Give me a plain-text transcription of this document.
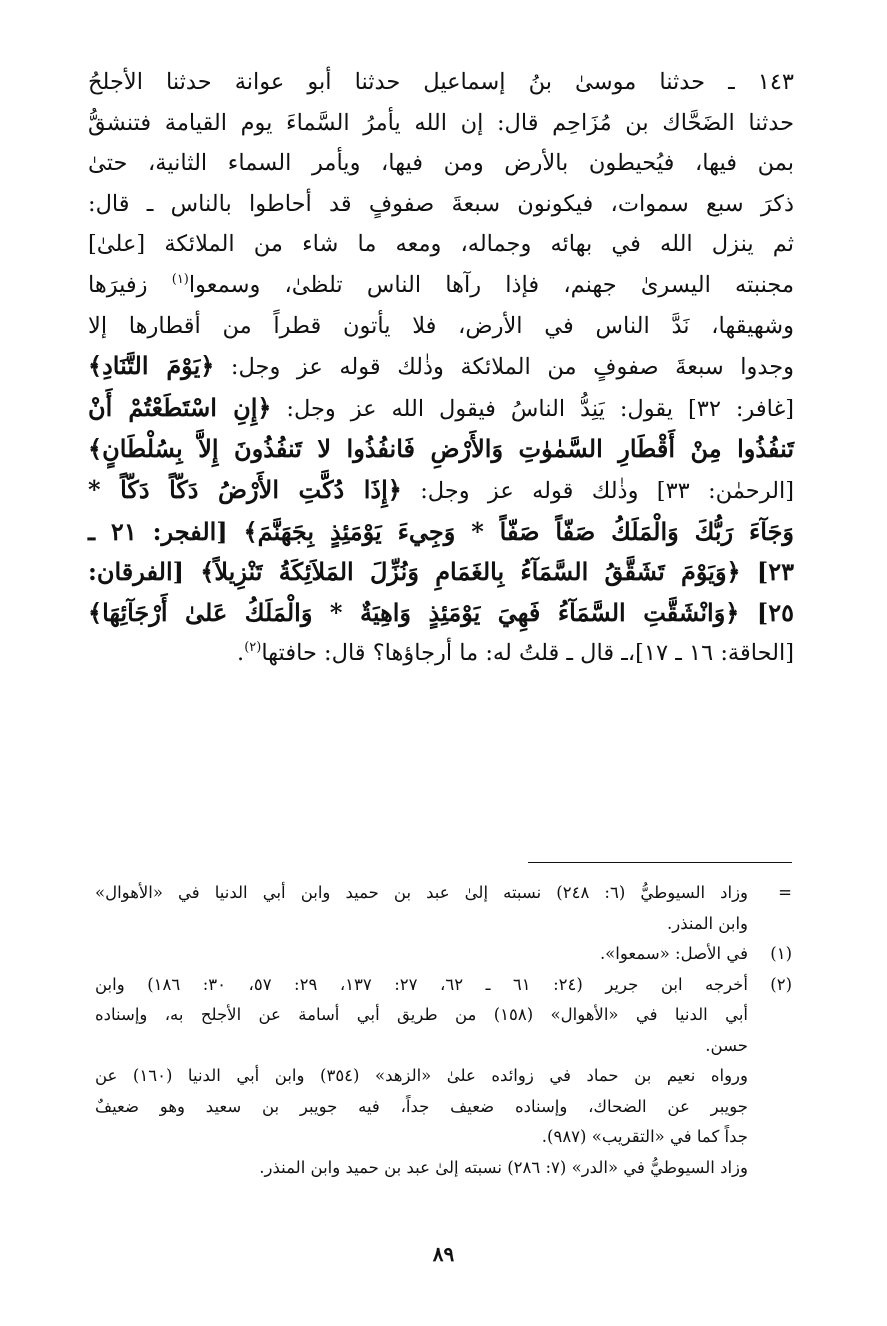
١٤٣ ـ حدثنا موسىٰ بنُ إسماعيل حدثنا أبو عوانة حدثنا الأجلحُ
حدثنا الضَحَّاك بن مُزَاحِم قال: إن الله يأمرُ السَّماءَ يوم القيامة فتنشقُّ
بمن فيها، فيُحيطون بالأرض ومن فيها، ويأمر السماء الثانية، حتىٰ
ذكرَ سبع سموات، فيكونون سبعةَ صفوفٍ قد أحاطوا بالناس ـ قال:
ثم ينزل الله في بهائه وجماله، ومعه ما شاء من الملائكة [علىٰ]
مجنبته اليسرىٰ جهنم، فإذا رآها الناس تلظىٰ، وسمعوا$^{(١)}$ زفيرَها
وشهيقها، نَدَّ الناس في الأرض، فلا يأتون قطراً من أقطارها إلا
وجدوا سبعةَ صفوفٍ من الملائكة وذٰلك قوله عز وجل: ﴿يَوْمَ التَّنَادِ﴾
[غافر: ٣٢] يقول: يَنِدُّ الناسُ فيقول الله عز وجل: ﴿إِنِ اسْتَطَعْتُمْ أَنْ
تَنفُذُوا مِنْ أَقْطَارِ السَّمٰوٰتِ وَالأَرْضِ فَانفُذُوا لا تَنفُذُونَ إِلاَّ بِسُلْطَانٍ﴾
[الرحمٰن: ٣٣] وذٰلك قوله عز وجل: ﴿إِذَا دُكَّتِ الأَرْضُ دَكّاً دَكّاً *
وَجَآءَ رَبُّكَ وَالْمَلَكُ صَفّاً صَفّاً * وَجِيءَ يَوْمَئِذٍ بِجَهَنَّمَ﴾ [الفجر: ٢١ ـ
٢٣] ﴿وَيَوْمَ تَشَقَّقُ السَّمَآءُ بِالغَمَامِ وَنُزِّلَ المَلاَئِكَةُ تَنْزِيلاً﴾ [الفرقان:
٢٥] ﴿وَانْشَقَّتِ السَّمَآءُ فَهِيَ يَوْمَئِذٍ وَاهِيَةٌ * وَالْمَلَكُ عَلىٰ أَرْجَآئِهَا﴾
[الحاقة: ١٦ ـ ١٧]،ـ قال ـ قلتُ له: ما أرجاؤها؟ قال: حافتها$^{(٢)}$.
=
وزاد السيوطيُّ (٦: ٢٤٨) نسبته إلىٰ عبد بن حميد وابن أبي الدنيا في «الأهوال»
وابن المنذر.
(١)
في الأصل: «سمعوا».
(٢)
أخرجه ابن جرير (٢٤: ٦١ ـ ٦٢، ٢٧: ١٣٧، ٢٩: ٥٧، ٣٠: ١٨٦) وابن
أبي الدنيا في «الأهوال» (١٥٨) من طريق أبي أسامة عن الأجلح به، وإسناده
حسن.
ورواه نعيم بن حماد في زوائده علىٰ «الزهد» (٣٥٤) وابن أبي الدنيا (١٦٠) عن
جويبر عن الضحاك، وإسناده ضعيف جداً، فيه جويبر بن سعيد وهو ضعيفٌ
جداً كما في «التقريب» (٩٨٧).
وزاد السيوطيُّ في «الدر» (٧: ٢٨٦) نسبته إلىٰ عبد بن حميد وابن المنذر.
٨٩
